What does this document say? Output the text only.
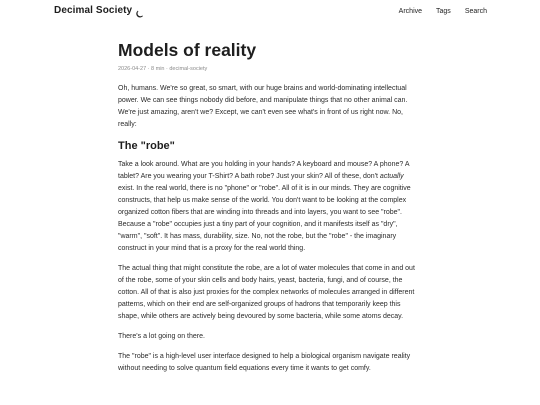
Decimal Society	Archive Tags Search
Models of reality
2026-04-27 · 8 min · decimal-society

Oh, humans. We're so great, so smart, with our huge brains and world-dominating intellectual power. We can see things nobody did before, and manipulate things that no other animal can. We're just amazing, aren't we? Except, we can't even see what's in front of us right now. No, really:

The "robe"

Take a look around. What are you holding in your hands? A keyboard and mouse? A phone? A tablet? Are you wearing your T-Shirt? A bath robe? Just your skin? All of these, don't actually exist. In the real world, there is no "phone" or "robe". All of it is in our minds. They are cognitive constructs, that help us make sense of the world. You don't want to be looking at the complex organized cotton fibers that are winding into threads and into layers, you want to see "robe". Because a "robe" occupies just a tiny part of your cognition, and it manifests itself as "dry", "warm", "soft". It has mass, durability, size. No, not the robe, but the "robe" - the imaginary construct in your mind that is a proxy for the real world thing.

The actual thing that might constitute the robe, are a lot of water molecules that come in and out of the robe, some of your skin cells and body hairs, yeast, bacteria, fungi, and of course, the cotton. All of that is also just proxies for the complex networks of molecules arranged in different patterns, which on their end are self-organized groups of hadrons that temporarily keep this shape, while others are actively being devoured by some bacteria, while some atoms decay.

There's a lot going on there.

The "robe" is a high-level user interface designed to help a biological organism navigate reality without needing to solve quantum field equations every time it wants to get comfy.
